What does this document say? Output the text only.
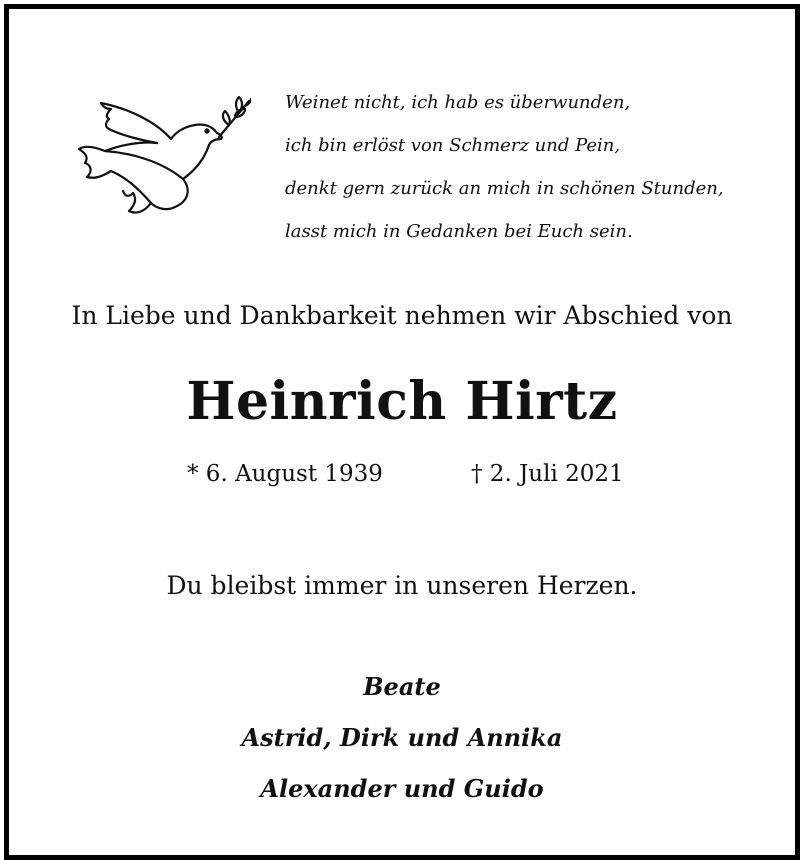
Weinet nicht, ich hab es überwunden,
ich bin erlöst von Schmerz und Pein,
denkt gern zurück an mich in schönen Stunden,
lasst mich in Gedanken bei Euch sein.
In Liebe und Dankbarkeit nehmen wir Abschied von
Heinrich Hirtz
* 6. August 1939	† 2. Juli 2021
Du bleibst immer in unseren Herzen.
Beate
Astrid, Dirk und Annika
Alexander und Guido
